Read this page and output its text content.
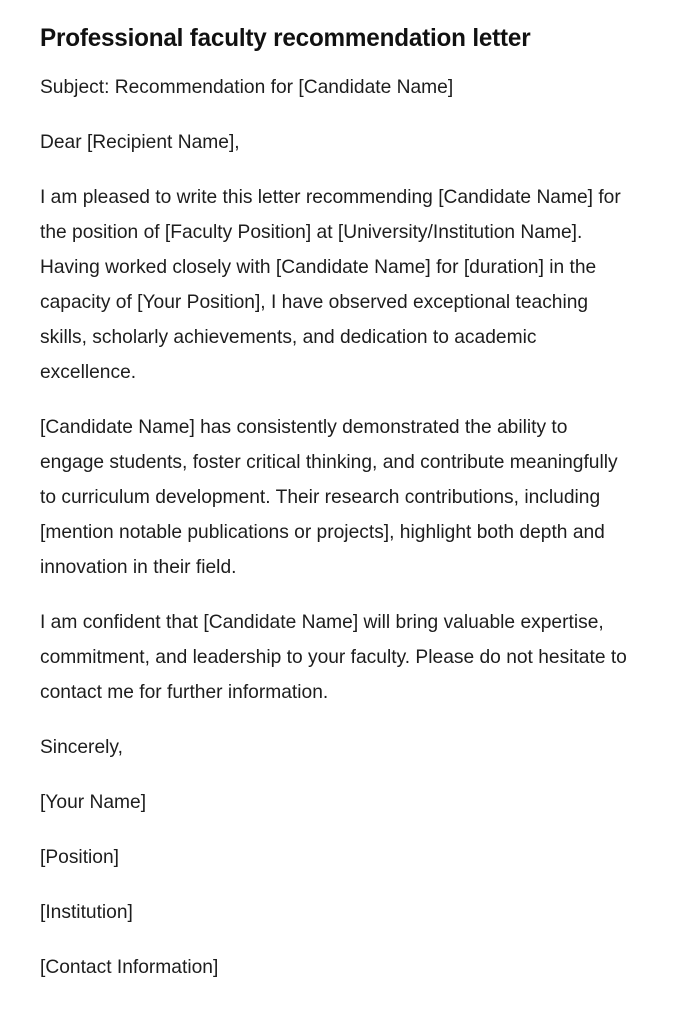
Professional faculty recommendation letter

Subject: Recommendation for [Candidate Name]

Dear [Recipient Name],

I am pleased to write this letter recommending [Candidate Name] for the position of [Faculty Position] at [University/Institution Name]. Having worked closely with [Candidate Name] for [duration] in the capacity of [Your Position], I have observed exceptional teaching skills, scholarly achievements, and dedication to academic excellence.

[Candidate Name] has consistently demonstrated the ability to engage students, foster critical thinking, and contribute meaningfully to curriculum development. Their research contributions, including [mention notable publications or projects], highlight both depth and innovation in their field.

I am confident that [Candidate Name] will bring valuable expertise, commitment, and leadership to your faculty. Please do not hesitate to contact me for further information.

Sincerely,

[Your Name]

[Position]

[Institution]

[Contact Information]
